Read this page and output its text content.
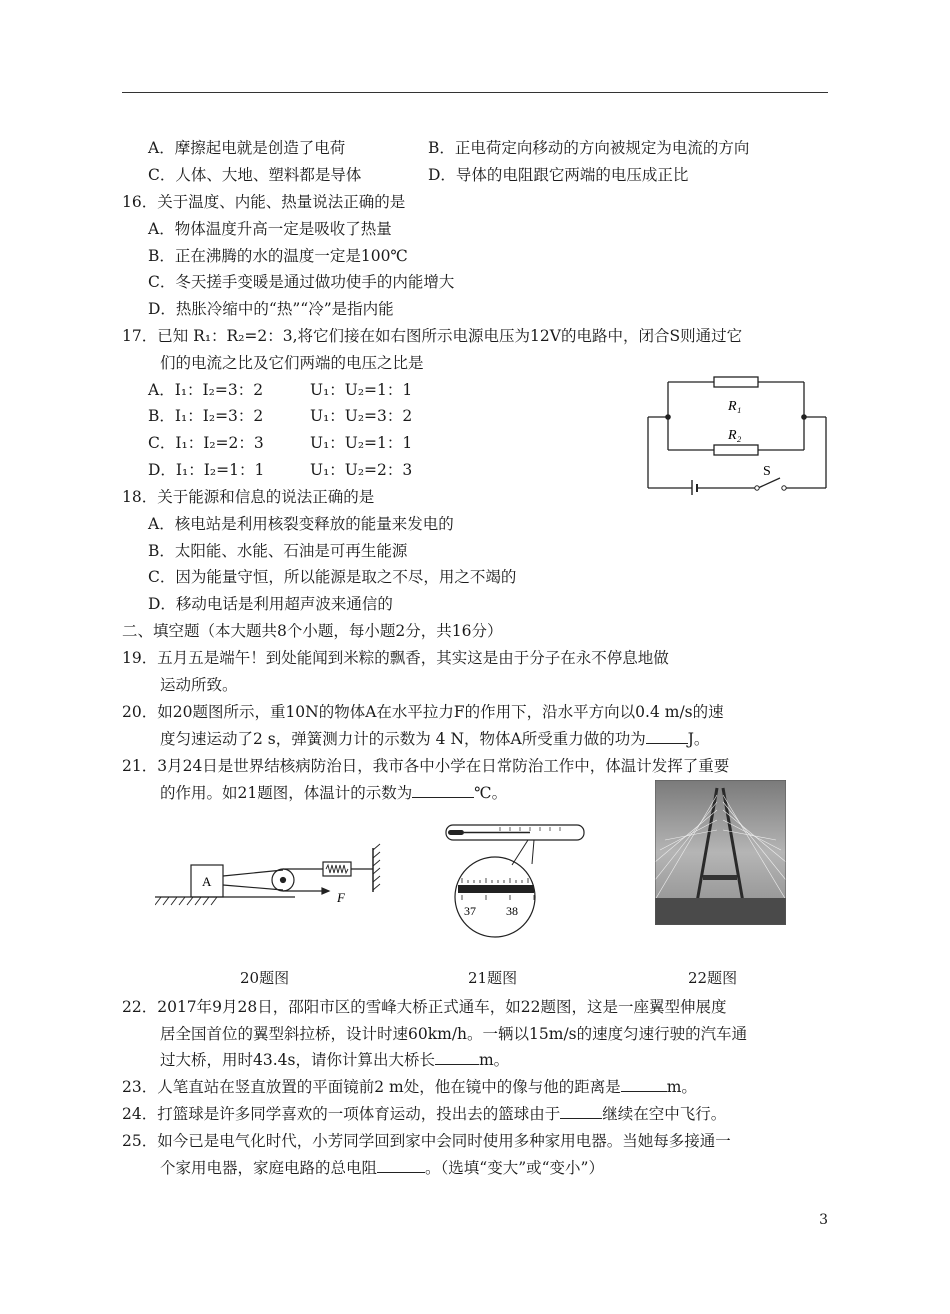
A．摩擦起电就是创造了电荷	B．正电荷定向移动的方向被规定为电流的方向
C．人体、大地、塑料都是导体	D．导体的电阻跟它两端的电压成正比
16．关于温度、内能、热量说法正确的是
A．物体温度升高一定是吸收了热量
B．正在沸腾的水的温度一定是100℃
C．冬天搓手变暖是通过做功使手的内能增大
D．热胀冷缩中的“热”“冷”是指内能
17．已知 R₁：R₂=2：3,将它们接在如右图所示电源电压为12V的电路中，闭合S则通过它
们的电流之比及它们两端的电压之比是
A．I₁：I₂=3：2	U₁：U₂=1：1
B．I₁：I₂=3：2	U₁：U₂=3：2
C．I₁：I₂=2：3	U₁：U₂=1：1
D．I₁：I₂=1：1	U₁：U₂=2：3
R₁
R₂
S
18．关于能源和信息的说法正确的是
A．核电站是利用核裂变释放的能量来发电的
B．太阳能、水能、石油是可再生能源
C．因为能量守恒，所以能源是取之不尽，用之不竭的
D．移动电话是利用超声波来通信的
二、填空题（本大题共8个小题，每小题2分，共16分）
19．五月五是端午！到处能闻到米粽的飘香，其实这是由于分子在永不停息地做
运动所致。
20．如20题图所示，重10N的物体A在水平拉力F的作用下，沿水平方向以0.4 m/s的速
度匀速运动了2 s，弹簧测力计的示数为 4 N，物体A所受重力做的功为	J。
21．3月24日是世界结核病防治日，我市各中小学在日常防治工作中，体温计发挥了重要
的作用。如21题图，体温计的示数为	℃。
A
F
37	38
20题图	21题图	22题图
22．2017年9月28日，邵阳市区的雪峰大桥正式通车，如22题图，这是一座翼型伸展度
居全国首位的翼型斜拉桥，设计时速60km/h。一辆以15m/s的速度匀速行驶的汽车通
过大桥，用时43.4s，请你计算出大桥长	m。
23．人笔直站在竖直放置的平面镜前2 m处，他在镜中的像与他的距离是	m。
24．打篮球是许多同学喜欢的一项体育运动，投出去的篮球由于	继续在空中飞行。
25．如今已是电气化时代，小芳同学回到家中会同时使用多种家用电器。当她每多接通一
个家用电器，家庭电路的总电阻	。（选填“变大”或“变小”）
3
